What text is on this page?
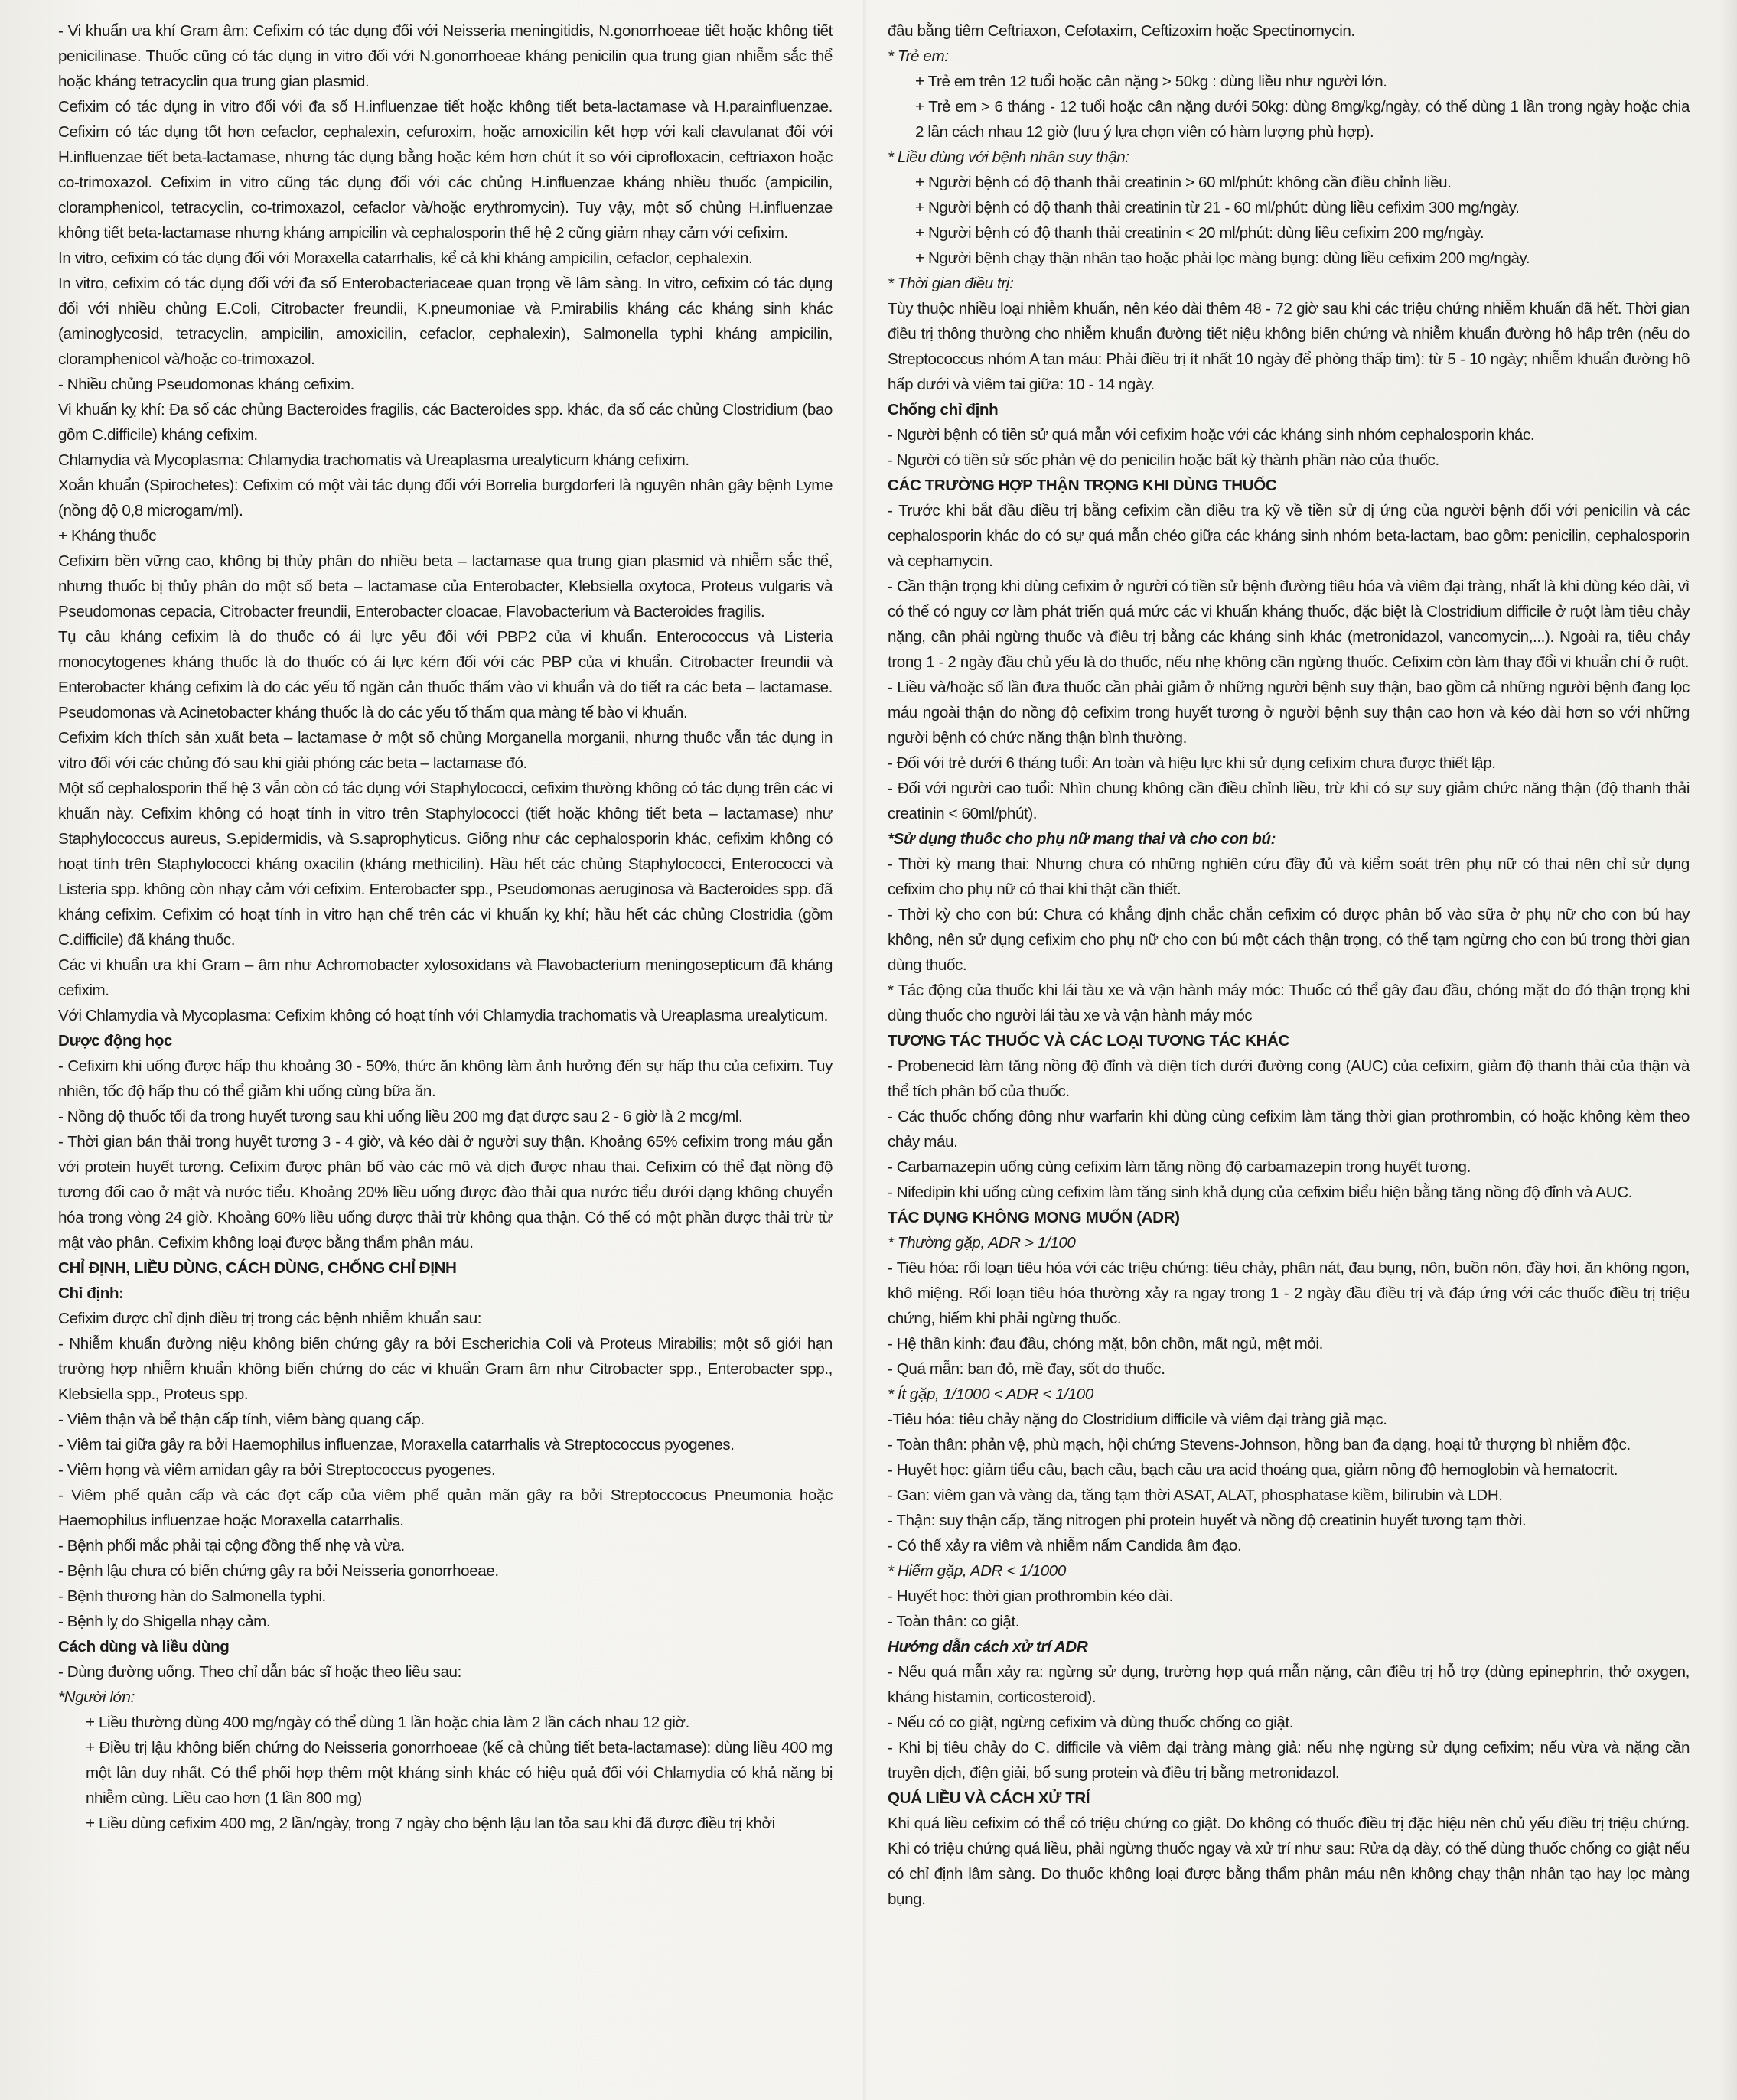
- Vi khuẩn ưa khí Gram âm: Cefixim có tác dụng đối với Neisseria meningitidis, N.gonorrhoeae tiết hoặc không tiết penicilinase. Thuốc cũng có tác dụng in vitro đối với N.gonorrhoeae kháng penicilin qua trung gian nhiễm sắc thể hoặc kháng tetracyclin qua trung gian plasmid.

Cefixim có tác dụng in vitro đối với đa số H.influenzae tiết hoặc không tiết beta-lactamase và H.parainfluenzae. Cefixim có tác dụng tốt hơn cefaclor, cephalexin, cefuroxim, hoặc amoxicilin kết hợp với kali clavulanat đối với H.influenzae tiết beta-lactamase, nhưng tác dụng bằng hoặc kém hơn chút ít so với ciprofloxacin, ceftriaxon hoặc co-trimoxazol. Cefixim in vitro cũng tác dụng đối với các chủng H.influenzae kháng nhiều thuốc (ampicilin, cloramphenicol, tetracyclin, co-trimoxazol, cefaclor và/hoặc erythromycin). Tuy vậy, một số chủng H.influenzae không tiết beta-lactamase nhưng kháng ampicilin và cephalosporin thế hệ 2 cũng giảm nhạy cảm với cefixim.

In vitro, cefixim có tác dụng đối với Moraxella catarrhalis, kể cả khi kháng ampicilin, cefaclor, cephalexin.

In vitro, cefixim có tác dụng đối với đa số Enterobacteriaceae quan trọng về lâm sàng. In vitro, cefixim có tác dụng đối với nhiều chủng E.Coli, Citrobacter freundii, K.pneumoniae và P.mirabilis kháng các kháng sinh khác (aminoglycosid, tetracyclin, ampicilin, amoxicilin, cefaclor, cephalexin), Salmonella typhi kháng ampicilin, cloramphenicol và/hoặc co-trimoxazol.

- Nhiều chủng Pseudomonas kháng cefixim.

Vi khuẩn kỵ khí: Đa số các chủng Bacteroides fragilis, các Bacteroides spp. khác, đa số các chủng Clostridium (bao gồm C.difficile) kháng cefixim.

Chlamydia và Mycoplasma: Chlamydia trachomatis và Ureaplasma urealyticum kháng cefixim.

Xoắn khuẩn (Spirochetes): Cefixim có một vài tác dụng đối với Borrelia burgdorferi là nguyên nhân gây bệnh Lyme (nồng độ 0,8 microgam/ml).

+ Kháng thuốc

Cefixim bền vững cao, không bị thủy phân do nhiều beta – lactamase qua trung gian plasmid và nhiễm sắc thể, nhưng thuốc bị thủy phân do một số beta – lactamase của Enterobacter, Klebsiella oxytoca, Proteus vulgaris và Pseudomonas cepacia, Citrobacter freundii, Enterobacter cloacae, Flavobacterium và Bacteroides fragilis.

Tụ cầu kháng cefixim là do thuốc có ái lực yếu đối với PBP2 của vi khuẩn. Enterococcus và Listeria monocytogenes kháng thuốc là do thuốc có ái lực kém đối với các PBP của vi khuẩn. Citrobacter freundii và Enterobacter kháng cefixim là do các yếu tố ngăn cản thuốc thấm vào vi khuẩn và do tiết ra các beta – lactamase. Pseudomonas và Acinetobacter kháng thuốc là do các yếu tố thấm qua màng tế bào vi khuẩn.

Cefixim kích thích sản xuất beta – lactamase ở một số chủng Morganella morganii, nhưng thuốc vẫn tác dụng in vitro đối với các chủng đó sau khi giải phóng các beta – lactamase đó.

Một số cephalosporin thế hệ 3 vẫn còn có tác dụng với Staphylococci, cefixim thường không có tác dụng trên các vi khuẩn này. Cefixim không có hoạt tính in vitro trên Staphylococci (tiết hoặc không tiết beta – lactamase) như Staphylococcus aureus, S.epidermidis, và S.saprophyticus. Giống như các cephalosporin khác, cefixim không có hoạt tính trên Staphylococci kháng oxacilin (kháng methicilin). Hầu hết các chủng Staphylococci, Enterococci và Listeria spp. không còn nhạy cảm với cefixim. Enterobacter spp., Pseudomonas aeruginosa và Bacteroides spp. đã kháng cefixim. Cefixim có hoạt tính in vitro hạn chế trên các vi khuẩn kỵ khí; hầu hết các chủng Clostridia (gồm C.difficile) đã kháng thuốc.

Các vi khuẩn ưa khí Gram – âm như Achromobacter xylosoxidans và Flavobacterium meningosepticum đã kháng cefixim.

Với Chlamydia và Mycoplasma: Cefixim không có hoạt tính với Chlamydia trachomatis và Ureaplasma urealyticum.

Dược động học

- Cefixim khi uống được hấp thu khoảng 30 - 50%, thức ăn không làm ảnh hưởng đến sự hấp thu của cefixim. Tuy nhiên, tốc độ hấp thu có thể giảm khi uống cùng bữa ăn.

- Nồng độ thuốc tối đa trong huyết tương sau khi uống liều 200 mg đạt được sau 2 - 6 giờ là 2 mcg/ml.

- Thời gian bán thải trong huyết tương 3 - 4 giờ, và kéo dài ở người suy thận. Khoảng 65% cefixim trong máu gắn với protein huyết tương. Cefixim được phân bố vào các mô và dịch được nhau thai. Cefixim có thể đạt nồng độ tương đối cao ở mật và nước tiểu. Khoảng 20% liều uống được đào thải qua nước tiểu dưới dạng không chuyển hóa trong vòng 24 giờ. Khoảng 60% liều uống được thải trừ không qua thận. Có thể có một phần được thải trừ từ mật vào phân. Cefixim không loại được bằng thẩm phân máu.

CHỈ ĐỊNH, LIỀU DÙNG, CÁCH DÙNG, CHỐNG CHỈ ĐỊNH

Chỉ định:

Cefixim được chỉ định điều trị trong các bệnh nhiễm khuẩn sau:

- Nhiễm khuẩn đường niệu không biến chứng gây ra bởi Escherichia Coli và Proteus Mirabilis; một số giới hạn trường hợp nhiễm khuẩn không biến chứng do các vi khuẩn Gram âm như Citrobacter spp., Enterobacter spp., Klebsiella spp., Proteus spp.

- Viêm thận và bể thận cấp tính, viêm bàng quang cấp.

- Viêm tai giữa gây ra bởi Haemophilus influenzae, Moraxella catarrhalis và Streptococcus pyogenes.

- Viêm họng và viêm amidan gây ra bởi Streptococcus pyogenes.

- Viêm phế quản cấp và các đợt cấp của viêm phế quản mãn gây ra bởi Streptoccocus Pneumonia hoặc Haemophilus influenzae hoặc Moraxella catarrhalis.

- Bệnh phổi mắc phải tại cộng đồng thể nhẹ và vừa.

- Bệnh lậu chưa có biến chứng gây ra bởi Neisseria gonorrhoeae.

- Bệnh thương hàn do Salmonella typhi.

- Bệnh lỵ do Shigella nhạy cảm.

Cách dùng và liều dùng

- Dùng đường uống. Theo chỉ dẫn bác sĩ hoặc theo liều sau:

*Người lớn:

+ Liều thường dùng 400 mg/ngày có thể dùng 1 lần hoặc chia làm 2 lần cách nhau 12 giờ.

+ Điều trị lậu không biến chứng do Neisseria gonorrhoeae (kể cả chủng tiết beta-lactamase): dùng liều 400 mg một lần duy nhất. Có thể phối hợp thêm một kháng sinh khác có hiệu quả đối với Chlamydia có khả năng bị nhiễm cùng. Liều cao hơn (1 lần 800 mg)

+ Liều dùng cefixim 400 mg, 2 lần/ngày, trong 7 ngày cho bệnh lậu lan tỏa sau khi đã được điều trị khởi

đầu bằng tiêm Ceftriaxon, Cefotaxim, Ceftizoxim hoặc Spectinomycin.

* Trẻ em:

+ Trẻ em trên 12 tuổi hoặc cân nặng > 50kg : dùng liều như người lớn.

+ Trẻ em > 6 tháng - 12 tuổi hoặc cân nặng dưới 50kg: dùng 8mg/kg/ngày, có thể dùng 1 lần trong ngày hoặc chia 2 lần cách nhau 12 giờ (lưu ý lựa chọn viên có hàm lượng phù hợp).

* Liều dùng với bệnh nhân suy thận:

+ Người bệnh có độ thanh thải creatinin > 60 ml/phút: không cần điều chỉnh liều.

+ Người bệnh có độ thanh thải creatinin từ 21 - 60 ml/phút: dùng liều cefixim 300 mg/ngày.

+ Người bệnh có độ thanh thải creatinin < 20 ml/phút: dùng liều cefixim 200 mg/ngày.

+ Người bệnh chạy thận nhân tạo hoặc phải lọc màng bụng: dùng liều cefixim 200 mg/ngày.

* Thời gian điều trị:

Tùy thuộc nhiều loại nhiễm khuẩn, nên kéo dài thêm 48 - 72 giờ sau khi các triệu chứng nhiễm khuẩn đã hết. Thời gian điều trị thông thường cho nhiễm khuẩn đường tiết niệu không biến chứng và nhiễm khuẩn đường hô hấp trên (nếu do Streptococcus nhóm A tan máu: Phải điều trị ít nhất 10 ngày để phòng thấp tim): từ 5 - 10 ngày; nhiễm khuẩn đường hô hấp dưới và viêm tai giữa: 10 - 14 ngày.

Chống chỉ định

- Người bệnh có tiền sử quá mẫn với cefixim hoặc với các kháng sinh nhóm cephalosporin khác.

- Người có tiền sử sốc phản vệ do penicilin hoặc bất kỳ thành phần nào của thuốc.

CÁC TRƯỜNG HỢP THẬN TRỌNG KHI DÙNG THUỐC

- Trước khi bắt đầu điều trị bằng cefixim cần điều tra kỹ về tiền sử dị ứng của người bệnh đối với penicilin và các cephalosporin khác do có sự quá mẫn chéo giữa các kháng sinh nhóm beta-lactam, bao gồm: penicilin, cephalosporin và cephamycin.

- Cần thận trọng khi dùng cefixim ở người có tiền sử bệnh đường tiêu hóa và viêm đại tràng, nhất là khi dùng kéo dài, vì có thể có nguy cơ làm phát triển quá mức các vi khuẩn kháng thuốc, đặc biệt là Clostridium difficile ở ruột làm tiêu chảy nặng, cần phải ngừng thuốc và điều trị bằng các kháng sinh khác (metronidazol, vancomycin,...). Ngoài ra, tiêu chảy trong 1 - 2 ngày đầu chủ yếu là do thuốc, nếu nhẹ không cần ngừng thuốc. Cefixim còn làm thay đổi vi khuẩn chí ở ruột.

- Liều và/hoặc số lần đưa thuốc cần phải giảm ở những người bệnh suy thận, bao gồm cả những người bệnh đang lọc máu ngoài thận do nồng độ cefixim trong huyết tương ở người bệnh suy thận cao hơn và kéo dài hơn so với những người bệnh có chức năng thận bình thường.

- Đối với trẻ dưới 6 tháng tuổi: An toàn và hiệu lực khi sử dụng cefixim chưa được thiết lập.

- Đối với người cao tuổi: Nhìn chung không cần điều chỉnh liều, trừ khi có sự suy giảm chức năng thận (độ thanh thải creatinin < 60ml/phút).

*Sử dụng thuốc cho phụ nữ mang thai và cho con bú:

- Thời kỳ mang thai: Nhưng chưa có những nghiên cứu đầy đủ và kiểm soát trên phụ nữ có thai nên chỉ sử dụng cefixim cho phụ nữ có thai khi thật cần thiết.

- Thời kỳ cho con bú: Chưa có khẳng định chắc chắn cefixim có được phân bố vào sữa ở phụ nữ cho con bú hay không, nên sử dụng cefixim cho phụ nữ cho con bú một cách thận trọng, có thể tạm ngừng cho con bú trong thời gian dùng thuốc.

* Tác động của thuốc khi lái tàu xe và vận hành máy móc: Thuốc có thể gây đau đầu, chóng mặt do đó thận trọng khi dùng thuốc cho người lái tàu xe và vận hành máy móc

TƯƠNG TÁC THUỐC VÀ CÁC LOẠI TƯƠNG TÁC KHÁC

- Probenecid làm tăng nồng độ đỉnh và diện tích dưới đường cong (AUC) của cefixim, giảm độ thanh thải của thận và thể tích phân bố của thuốc.

- Các thuốc chống đông như warfarin khi dùng cùng cefixim làm tăng thời gian prothrombin, có hoặc không kèm theo chảy máu.

- Carbamazepin uống cùng cefixim làm tăng nồng độ carbamazepin trong huyết tương.

- Nifedipin khi uống cùng cefixim làm tăng sinh khả dụng của cefixim biểu hiện bằng tăng nồng độ đỉnh và AUC.

TÁC DỤNG KHÔNG MONG MUỐN (ADR)

* Thường gặp, ADR > 1/100

- Tiêu hóa: rối loạn tiêu hóa với các triệu chứng: tiêu chảy, phân nát, đau bụng, nôn, buồn nôn, đầy hơi, ăn không ngon, khô miệng. Rối loạn tiêu hóa thường xảy ra ngay trong 1 - 2 ngày đầu điều trị và đáp ứng với các thuốc điều trị triệu chứng, hiếm khi phải ngừng thuốc.

- Hệ thần kinh: đau đầu, chóng mặt, bồn chồn, mất ngủ, mệt mỏi.

- Quá mẫn: ban đỏ, mề đay, sốt do thuốc.

* Ít gặp, 1/1000 < ADR < 1/100

-Tiêu hóa: tiêu chảy nặng do Clostridium difficile và viêm đại tràng giả mạc.

- Toàn thân: phản vệ, phù mạch, hội chứng Stevens-Johnson, hồng ban đa dạng, hoại tử thượng bì nhiễm độc.

- Huyết học: giảm tiểu cầu, bạch cầu, bạch cầu ưa acid thoáng qua, giảm nồng độ hemoglobin và hematocrit.

- Gan: viêm gan và vàng da, tăng tạm thời ASAT, ALAT, phosphatase kiềm, bilirubin và LDH.

- Thận: suy thận cấp, tăng nitrogen phi protein huyết và nồng độ creatinin huyết tương tạm thời.

- Có thể xảy ra viêm và nhiễm nấm Candida âm đạo.

* Hiếm gặp, ADR < 1/1000

- Huyết học: thời gian prothrombin kéo dài.

- Toàn thân: co giật.

Hướng dẫn cách xử trí ADR

- Nếu quá mẫn xảy ra: ngừng sử dụng, trường hợp quá mẫn nặng, cần điều trị hỗ trợ (dùng epinephrin, thở oxygen, kháng histamin, corticosteroid).

- Nếu có co giật, ngừng cefixim và dùng thuốc chống co giật.

- Khi bị tiêu chảy do C. difficile và viêm đại tràng màng giả: nếu nhẹ ngừng sử dụng cefixim; nếu vừa và nặng cần truyền dịch, điện giải, bổ sung protein và điều trị bằng metronidazol.

QUÁ LIỀU VÀ CÁCH XỬ TRÍ

Khi quá liều cefixim có thể có triệu chứng co giật. Do không có thuốc điều trị đặc hiệu nên chủ yếu điều trị triệu chứng. Khi có triệu chứng quá liều, phải ngừng thuốc ngay và xử trí như sau: Rửa dạ dày, có thể dùng thuốc chống co giật nếu có chỉ định lâm sàng. Do thuốc không loại được bằng thẩm phân máu nên không chạy thận nhân tạo hay lọc màng bụng.
